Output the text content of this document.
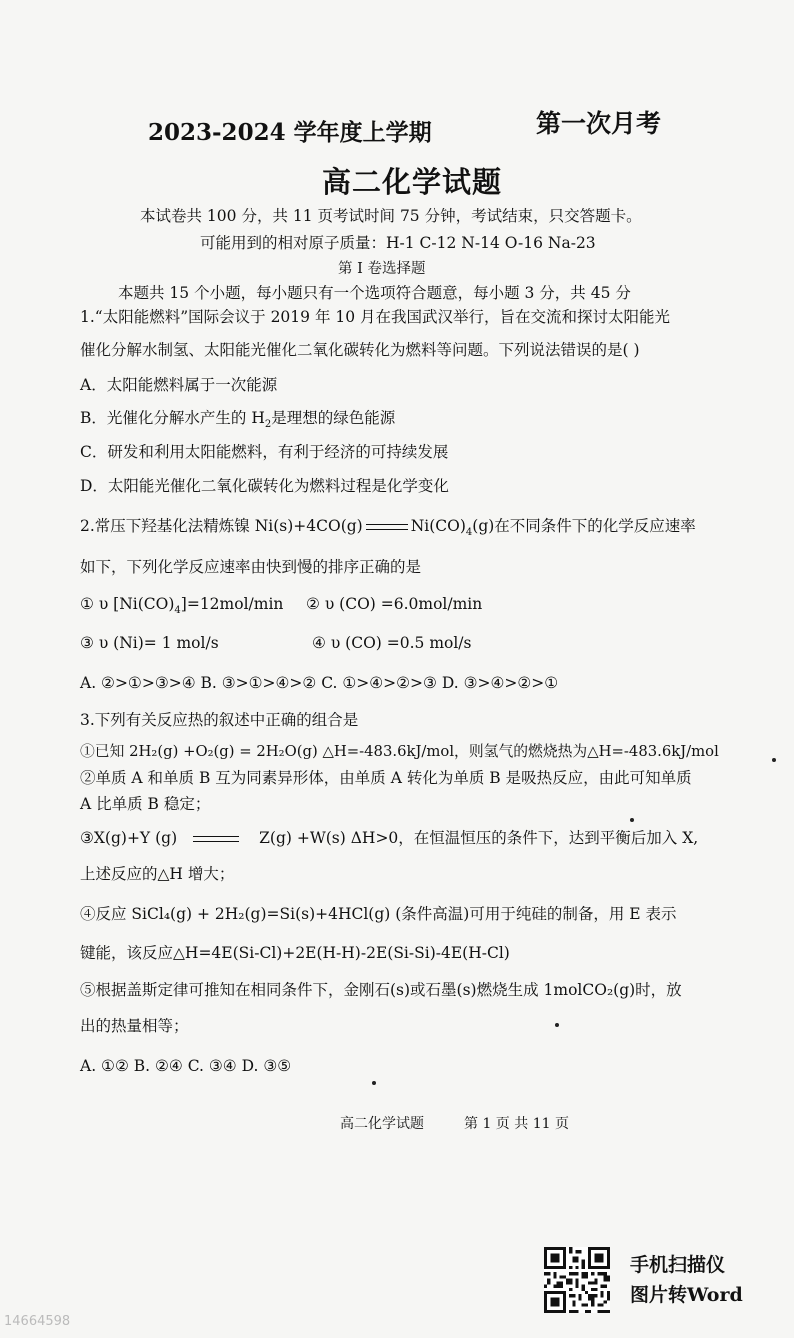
2023-2024 学年度上学期	第一次月考
高二化学试题
本试卷共 100 分，共 11 页考试时间 75 分钟，考试结束，只交答题卡。
可能用到的相对原子质量：H-1 C-12 N-14 O-16 Na-23
第 I 卷选择题
本题共 15 个小题，每小题只有一个选项符合题意，每小题 3 分，共 45 分
1.“太阳能燃料”国际会议于 2019 年 10 月在我国武汉举行，旨在交流和探讨太阳能光
催化分解水制氢、太阳能光催化二氧化碳转化为燃料等问题。下列说法错误的是( )
A．太阳能燃料属于一次能源
B．光催化分解水产生的 $H_2$是理想的绿色能源
C．研发和利用太阳能燃料，有利于经济的可持续发展
D．太阳能光催化二氧化碳转化为燃料过程是化学变化
2.常压下羟基化法精炼镍 Ni(s)+4CO(g)	$Ni(CO)_4(g)$在不同条件下的化学反应速率
如下，下列化学反应速率由快到慢的排序正确的是
① υ $[Ni(CO)_4]=12mol/\min$ ② υ (CO) =6.0mol/min
③ υ (Ni)= 1 mol/s	④ υ (CO) =0.5 mol/s
A. ②>①>③>④ B. ③>①>④>② C. ①>④>②>③ D. ③>④>②>①
3.下列有关反应热的叙述中正确的组合是
①已知 2H₂(g) +O₂(g) = 2H₂O(g) △H=-483.6kJ/mol，则氢气的燃烧热为△H=-483.6kJ/mol
②单质 A 和单质 B 互为同素异形体，由单质 A 转化为单质 B 是吸热反应，由此可知单质
A 比单质 B 稳定；
③X(g)+Y (g)	Z(g) +W(s) ΔH>0，在恒温恒压的条件下，达到平衡后加入 X,
上述反应的△H 增大；
④反应 SiCl₄(g) + 2H₂(g)=Si(s)+4HCl(g) (条件高温)可用于纯硅的制备，用 E 表示
键能，该反应△H=4E(Si-Cl)+2E(H-H)-2E(Si-Si)-4E(H-Cl)
⑤根据盖斯定律可推知在相同条件下，金刚石(s)或石墨(s)燃烧生成 1molCO₂(g)时，放
出的热量相等；
A. ①② B. ②④ C. ③④ D. ③⑤
高二化学试题	第 1 页 共 11 页
手机扫描仪
图片转Word
14664598
